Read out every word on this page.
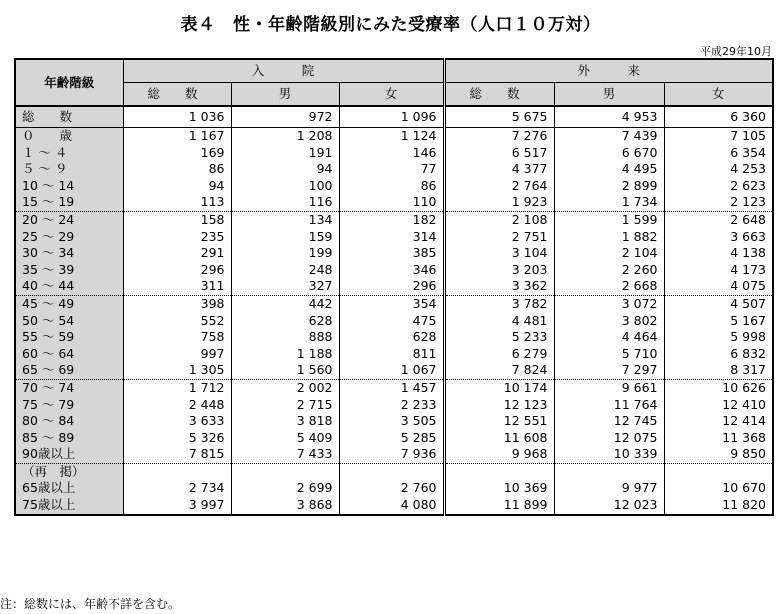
表４　性・年齢階級別にみた受療率（人口１０万対）
平成29年10月
年齢階級	入　　　院			外　　　来		
	総　　数	男	女	総　　数	男	女
総　　数	1 036	972	1 096	5 675	4 953	6 360
０　　歳	1 167	1 208	1 124	7 276	7 439	7 105
１ ～ ４	169	191	146	6 517	6 670	6 354
５ ～ ９	86	94	77	4 377	4 495	4 253
10 ～ 14	94	100	86	2 764	2 899	2 623
15 ～ 19	113	116	110	1 923	1 734	2 123
20 ～ 24	158	134	182	2 108	1 599	2 648
25 ～ 29	235	159	314	2 751	1 882	3 663
30 ～ 34	291	199	385	3 104	2 104	4 138
35 ～ 39	296	248	346	3 203	2 260	4 173
40 ～ 44	311	327	296	3 362	2 668	4 075
45 ～ 49	398	442	354	3 782	3 072	4 507
50 ～ 54	552	628	475	4 481	3 802	5 167
55 ～ 59	758	888	628	5 233	4 464	5 998
60 ～ 64	997	1 188	811	6 279	5 710	6 832
65 ～ 69	1 305	1 560	1 067	7 824	7 297	8 317
70 ～ 74	1 712	2 002	1 457	10 174	9 661	10 626
75 ～ 79	2 448	2 715	2 233	12 123	11 764	12 410
80 ～ 84	3 633	3 818	3 505	12 551	12 745	12 414
85 ～ 89	5 326	5 409	5 285	11 608	12 075	11 368
90歳以上	7 815	7 433	7 936	9 968	10 339	9 850
（再　掲）						
65歳以上	2 734	2 699	2 760	10 369	9 977	10 670
75歳以上	3 997	3 868	4 080	11 899	12 023	11 820
注：総数には、年齢不詳を含む。
